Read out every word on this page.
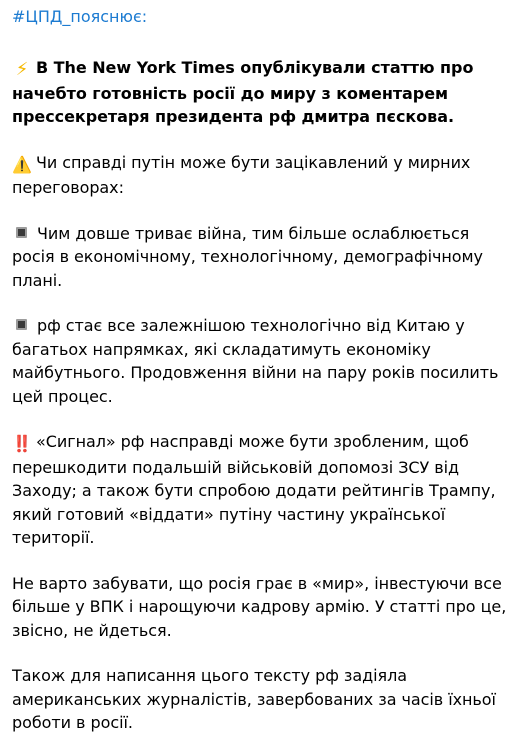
#ЦПД_пояснює:

⚡ В The New York Times опублікували статтю про начебто готовність росії до миру з коментарем прессекретаря президента рф дмитра пєскова.

⚠️ Чи справді путін може бути зацікавлений у мирних переговорах:

Чим довше триває війна, тим більше ослаблюється росія в економічному, технологічному, демографічному плані.

рф стає все залежнішою технологічно від Китаю у багатьох напрямках, які складатимуть економіку майбутнього. Продовження війни на пару років посилить цей процес.

‼️ «Сигнал» рф насправді може бути зробленим, щоб перешкодити подальшій військовій допомозі ЗСУ від Заходу; а також бути спробою додати рейтингів Трампу, який готовий «віддати» путіну частину української території.

Не варто забувати, що росія грає в «мир», інвестуючи все більше у ВПК і нарощуючи кадрову армію. У статті про це, звісно, не йдеться.

Також для написання цього тексту рф задіяла американських журналістів, завербованих за часів їхньої роботи в росії.
